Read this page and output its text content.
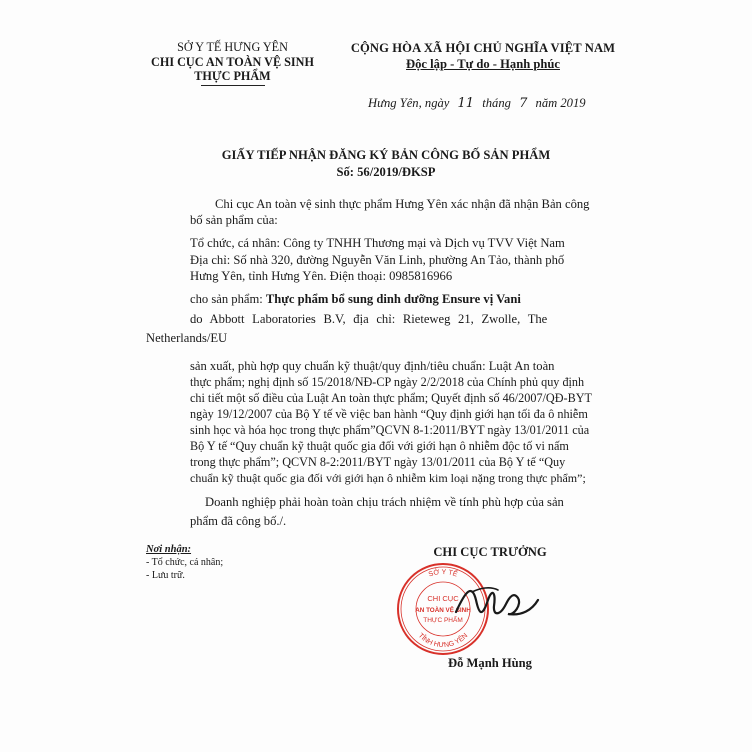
SỞ Y TẾ HƯNG YÊN
CHI CỤC AN TOÀN VỆ SINH
THỰC PHẨM
CỘNG HÒA XÃ HỘI CHỦ NGHĨA VIỆT NAM
Độc lập - Tự do - Hạnh phúc
Hưng Yên, ngày 11 tháng 7 năm 2019
GIẤY TIẾP NHẬN ĐĂNG KÝ BẢN CÔNG BỐ SẢN PHẨM
Số: 56/2019/ĐKSP
Chi cục An toàn vệ sinh thực phẩm Hưng Yên xác nhận đã nhận Bản công
bố sản phẩm của:
Tổ chức, cá nhân: Công ty TNHH Thương mại và Dịch vụ TVV Việt Nam
Địa chỉ: Số nhà 320, đường Nguyễn Văn Linh, phường An Tảo, thành phố
Hưng Yên, tỉnh Hưng Yên. Điện thoại: 0985816966
cho sản phẩm: Thực phẩm bổ sung dinh dưỡng Ensure vị Vani
do Abbott Laboratories B.V, địa chỉ: Rieteweg 21, Zwolle, The
Netherlands/EU
sản xuất, phù hợp quy chuẩn kỹ thuật/quy định/tiêu chuẩn: Luật An toàn
thực phẩm; nghị định số 15/2018/NĐ-CP ngày 2/2/2018 của Chính phủ quy định
chi tiết một số điều của Luật An toàn thực phẩm; Quyết định số 46/2007/QĐ-BYT
ngày 19/12/2007 của Bộ Y tế về việc ban hành “Quy định giới hạn tối đa ô nhiễm
sinh học và hóa học trong thực phẩm”QCVN 8-1:2011/BYT ngày 13/01/2011 của
Bộ Y tế “Quy chuẩn kỹ thuật quốc gia đối với giới hạn ô nhiễm độc tố vi nấm
trong thực phẩm”; QCVN 8-2:2011/BYT ngày 13/01/2011 của Bộ Y tế “Quy
chuẩn kỹ thuật quốc gia đối với giới hạn ô nhiễm kim loại nặng trong thực phẩm”;
Doanh nghiệp phải hoàn toàn chịu trách nhiệm về tính phù hợp của sản
phẩm đã công bố./.
Nơi nhận:
- Tổ chức, cá nhân;
- Lưu trữ.
CHI CỤC TRƯỞNG
SỞ Y TẾ
TỈNH HƯNG YÊN
CHI CỤC
AN TOÀN VỆ SINH
THỰC PHẨM
Đỗ Mạnh Hùng
